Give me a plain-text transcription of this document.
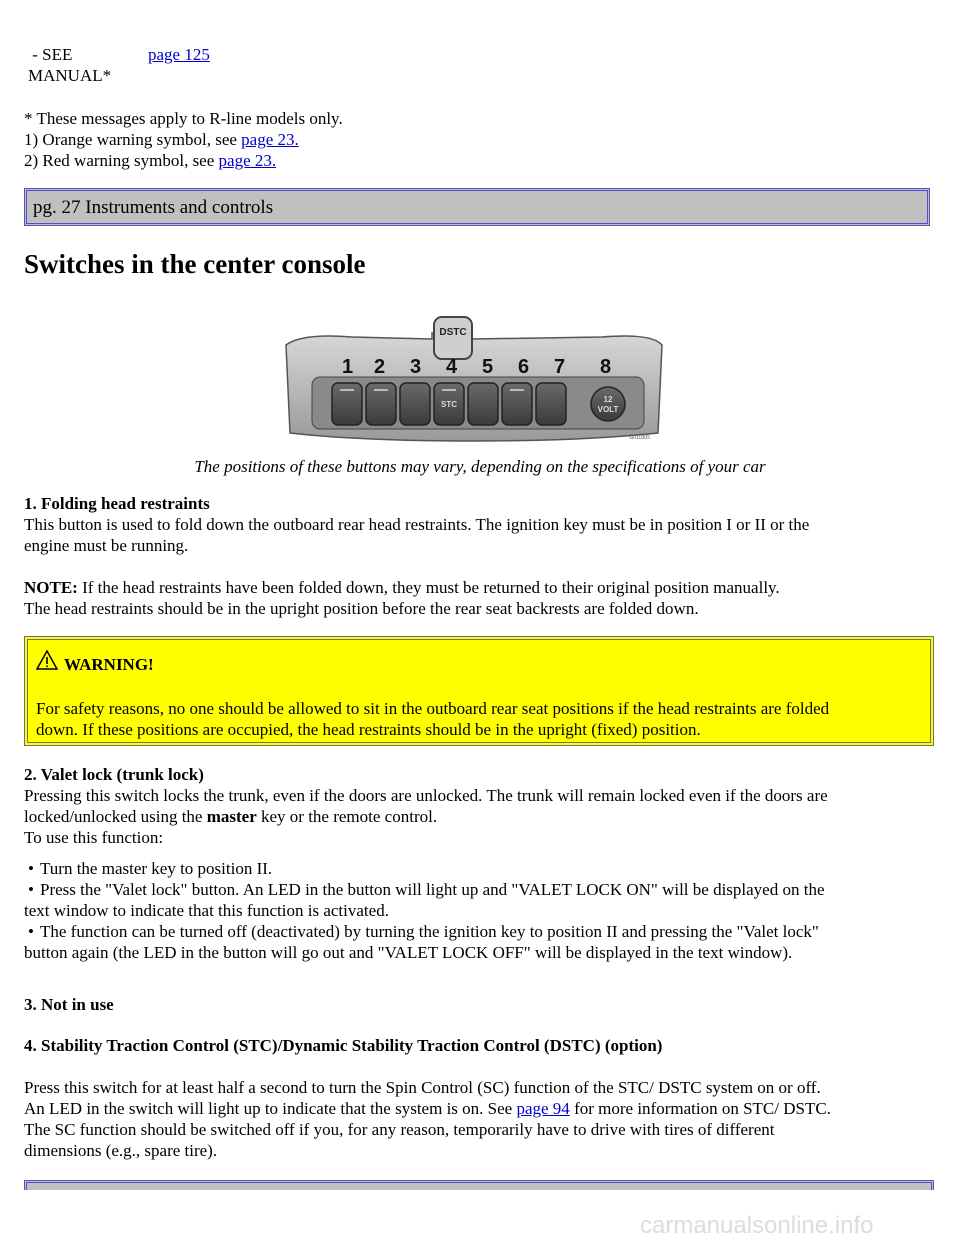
- SEE
MANUAL*
page 125
* These messages apply to R-line models only.
1) Orange warning symbol, see page 23.
2) Red warning symbol, see page 23.
pg. 27 Instruments and controls
Switches in the center console
DSTC
1 2 3 4 5 6 7 8
STC
12
VOLT
G010305
The positions of these buttons may vary, depending on the specifications of your car
1. Folding head restraints
This button is used to fold down the outboard rear head restraints. The ignition key must be in position I or II or the
engine must be running.
NOTE: If the head restraints have been folded down, they must be returned to their original position manually.
The head restraints should be in the upright position before the rear seat backrests are folded down.
WARNING!
For safety reasons, no one should be allowed to sit in the outboard rear seat positions if the head restraints are folded
down. If these positions are occupied, the head restraints should be in the upright (fixed) position.
2. Valet lock (trunk lock)
Pressing this switch locks the trunk, even if the doors are unlocked. The trunk will remain locked even if the doors are
locked/unlocked using the master key or the remote control.
To use this function:
• Turn the master key to position II.
• Press the "Valet lock" button. An LED in the button will light up and "VALET LOCK ON" will be displayed on the
text window to indicate that this function is activated.
• The function can be turned off (deactivated) by turning the ignition key to position II and pressing the "Valet lock"
button again (the LED in the button will go out and "VALET LOCK OFF" will be displayed in the text window).
3. Not in use
4. Stability Traction Control (STC)/Dynamic Stability Traction Control (DSTC) (option)
Press this switch for at least half a second to turn the Spin Control (SC) function of the STC/ DSTC system on or off.
An LED in the switch will light up to indicate that the system is on. See page 94 for more information on STC/ DSTC.
The SC function should be switched off if you, for any reason, temporarily have to drive with tires of different
dimensions (e.g., spare tire).
carmanualsonline.info
